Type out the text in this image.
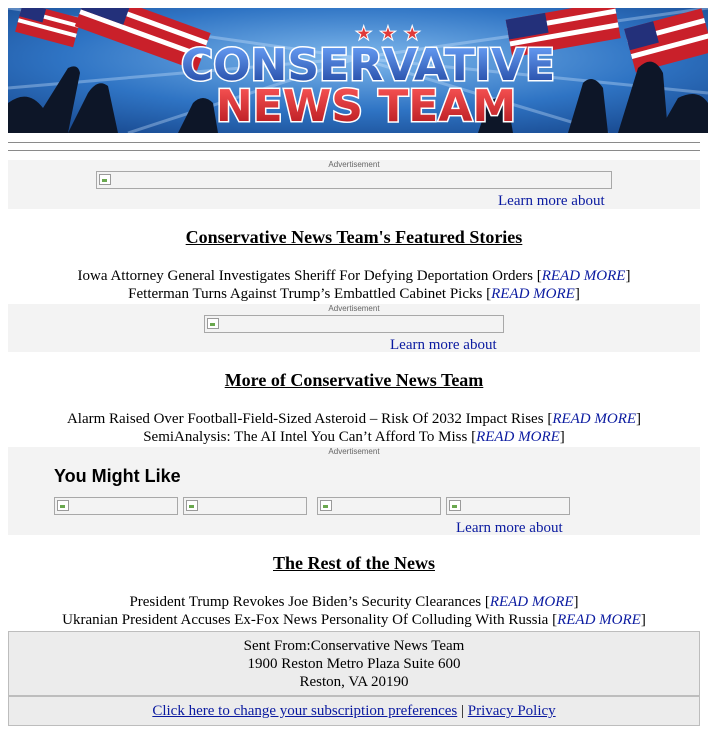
★ ★ ★
CONSERVATIVE
NEWS TEAM
Advertisement
Learn more about
Conservative News Team's Featured Stories
Iowa Attorney General Investigates Sheriff For Defying Deportation Orders [READ MORE]
Fetterman Turns Against Trump’s Embattled Cabinet Picks [READ MORE]
Advertisement
Learn more about
More of Conservative News Team
Alarm Raised Over Football-Field-Sized Asteroid – Risk Of 2032 Impact Rises [READ MORE]
SemiAnalysis: The AI Intel You Can’t Afford To Miss [READ MORE]
Advertisement
Learn more about
You Might Like
The Rest of the News
President Trump Revokes Joe Biden’s Security Clearances [READ MORE]
Ukranian President Accuses Ex-Fox News Personality Of Colluding With Russia [READ MORE]
Sent From:Conservative News Team
1900 Reston Metro Plaza Suite 600
Reston, VA 20190
Click here to change your subscription preferences | Privacy Policy
